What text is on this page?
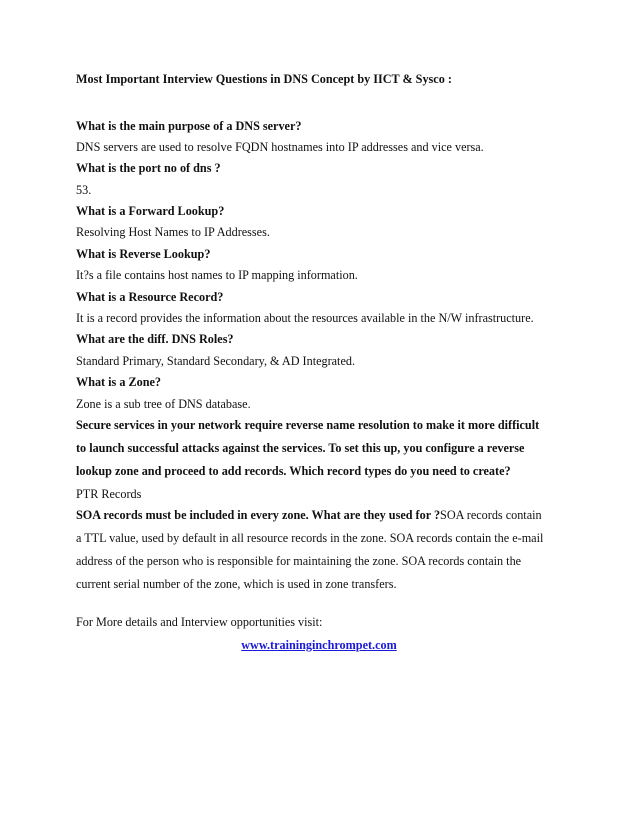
Most Important Interview Questions in DNS Concept by IICT & Sysco :
What is the main purpose of a DNS server?
DNS servers are used to resolve FQDN hostnames into IP addresses and vice versa.
What is the port no of dns ?
53.
What is a Forward Lookup?
Resolving Host Names to IP Addresses.
What is Reverse Lookup?
It?s a file contains host names to IP mapping information.
What is a Resource Record?
It is a record provides the information about the resources available in the N/W infrastructure.
What are the diff. DNS Roles?
Standard Primary, Standard Secondary, & AD Integrated.
What is a Zone?
Zone is a sub tree of DNS database.
Secure services in your network require reverse name resolution to make it more difficult
to launch successful attacks against the services. To set this up, you configure a reverse
lookup zone and proceed to add records. Which record types do you need to create?
PTR Records
SOA records must be included in every zone. What are they used for ?SOA records contain
a TTL value, used by default in all resource records in the zone. SOA records contain the e-mail
address of the person who is responsible for maintaining the zone. SOA records contain the
current serial number of the zone, which is used in zone transfers.
For More details and Interview opportunities visit:
www.traininginchrompet.com
